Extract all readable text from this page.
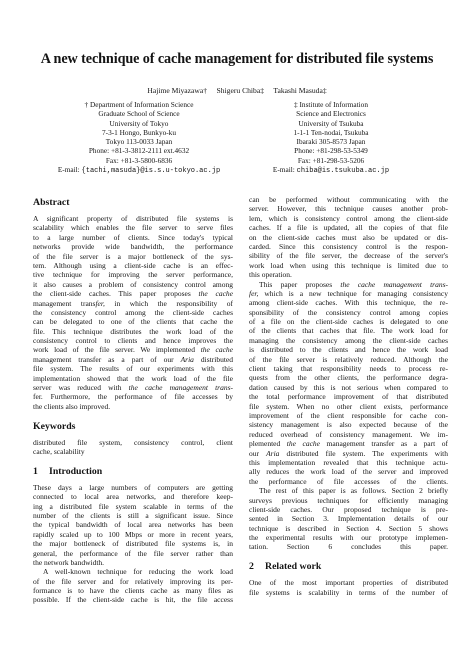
A new technique of cache management for distributed file systems
Hajime Miyazawa† Shigeru Chiba‡ Takashi Masuda‡
† Department of Information Science
Graduate School of Science
University of Tokyo
7-3-1 Hongo, Bunkyo-ku
Tokyo 113-0033 Japan
Phone: +81-3-3812-2111 ext.4632
Fax: +81-3-5800-6836
E-mail: {tachi,masuda}@is.s.u-tokyo.ac.jp
‡ Institute of Information
Science and Electronics
University of Tsukuba
1-1-1 Ten-nodai, Tsukuba
Ibaraki 305-8573 Japan
Phone: +81-298-53-5349
Fax: +81-298-53-5206
E-mail: chiba@is.tsukuba.ac.jp
Abstract
A significant property of distributed file systems is
scalability which enables the file server to serve files
to a large number of clients. Since today's typical
networks provide wide bandwidth, the performance
of the file server is a major bottleneck of the sys-
tem. Although using a client-side cache is an effec-
tive technique for improving the server performance,
it also causes a problem of consistency control among
the client-side caches. This paper proposes the cache
management transfer, in which the responsibility of
the consistency control among the client-side caches
can be delegated to one of the clients that cache the
file. This technique distributes the work load of the
consistency control to clients and hence improves the
work load of the file server. We implemented the cache
management transfer as a part of our Aria distributed
file system. The results of our experiments with this
implementation showed that the work load of the file
server was reduced with the cache management trans-
fer. Furthermore, the performance of file accesses by
the clients also improved.
Keywords
distributed file system, consistency control, client
cache, scalability
1 Introduction
These days a large numbers of computers are getting
connected to local area networks, and therefore keep-
ing a distributed file system scalable in terms of the
number of the clients is still a significant issue. Since
the typical bandwidth of local area networks has been
rapidly scaled up to 100 Mbps or more in recent years,
the major bottleneck of distributed file systems is, in
general, the performance of the file server rather than
the network bandwidth.
A well-known technique for reducing the work load
of the file server and for relatively improving its per-
formance is to have the clients cache as many files as
possible. If the client-side cache is hit, the file access
can be performed without communicating with the
server. However, this technique causes another prob-
lem, which is consistency control among the client-side
caches. If a file is updated, all the copies of that file
on the client-side caches must also be updated or dis-
carded. Since this consistency control is the respon-
sibility of the file server, the decrease of the server's
work load when using this technique is limited due to
this operation.
This paper proposes the cache management trans-
fer, which is a new technique for managing consistency
among client-side caches. With this technique, the re-
sponsibility of the consistency control among copies
of a file on the client-side caches is delegated to one
of the clients that caches that file. The work load for
managing the consistency among the client-side caches
is distributed to the clients and hence the work load
of the file server is relatively reduced. Although the
client taking that responsibility needs to process re-
quests from the other clients, the performance degra-
dation caused by this is not serious when compared to
the total performance improvement of that distributed
file system. When no other client exists, performance
improvement of the client responsible for cache con-
sistency management is also expected because of the
reduced overhead of consistency management. We im-
plemented the cache management transfer as a part of
our Aria distributed file system. The experiments with
this implementation revealed that this technique actu-
ally reduces the work load of the server and improved
the performance of file accesses of the clients.
The rest of this paper is as follows. Section 2 briefly
surveys previous techniques for efficiently managing
client-side caches. Our proposed technique is pre-
sented in Section 3. Implementation details of our
technique is described in Section 4. Section 5 shows
the experimental results with our prototype implemen-
tation. Section 6 concludes this paper.
2 Related work
One of the most important properties of distributed
file systems is scalability in terms of the number of
